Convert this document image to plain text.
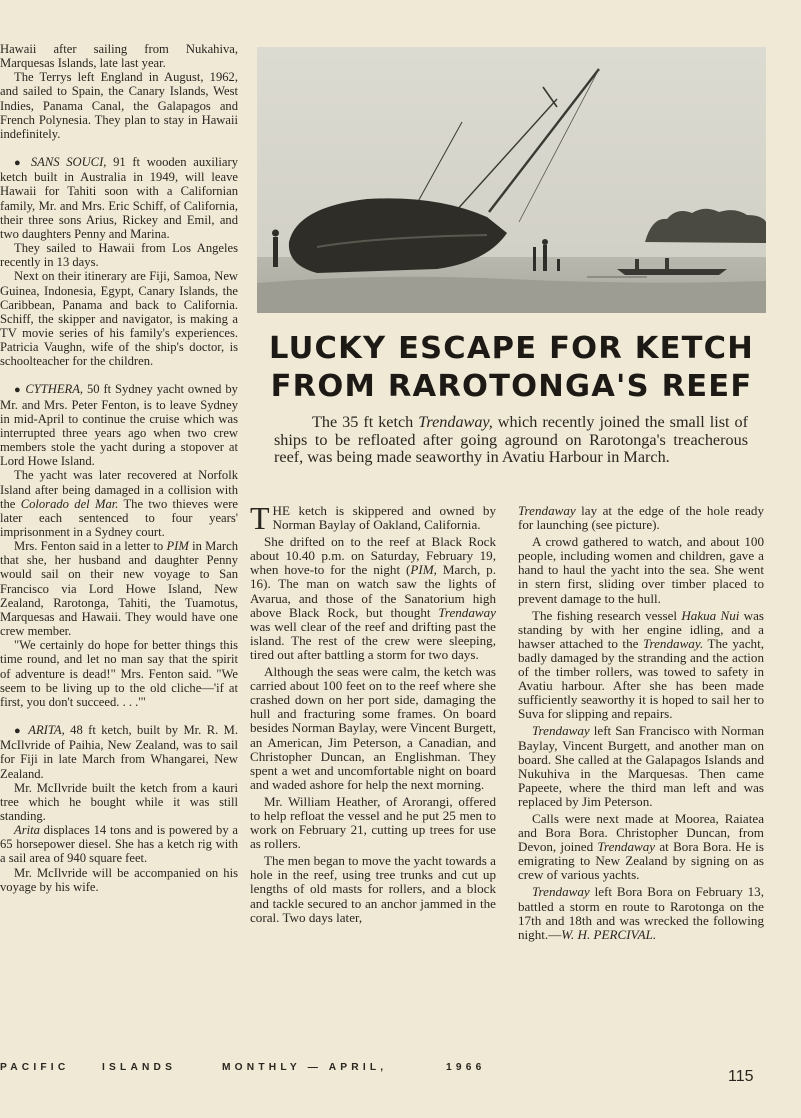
Hawaii after sailing from Nukahiva, Marquesas Islands, late last year.

The Terrys left England in August, 1962, and sailed to Spain, the Canary Islands, West Indies, Panama Canal, the Galapagos and French Polynesia. They plan to stay in Hawaii indefinitely.

● SANS SOUCI, 91 ft wooden auxiliary ketch built in Australia in 1949, will leave Hawaii for Tahiti soon with a Californian family, Mr. and Mrs. Eric Schiff, of California, their three sons Arius, Rickey and Emil, and two daughters Penny and Marina.

They sailed to Hawaii from Los Angeles recently in 13 days.

Next on their itinerary are Fiji, Samoa, New Guinea, Indonesia, Egypt, Canary Islands, the Caribbean, Panama and back to California. Schiff, the skipper and navigator, is making a TV movie series of his family's experiences. Patricia Vaughn, wife of the ship's doctor, is schoolteacher for the children.

● CYTHERA, 50 ft Sydney yacht owned by Mr. and Mrs. Peter Fenton, is to leave Sydney in mid-April to continue the cruise which was interrupted three years ago when two crew members stole the yacht during a stopover at Lord Howe Island.

The yacht was later recovered at Norfolk Island after being damaged in a collision with the Colorado del Mar. The two thieves were later each sentenced to four years' imprisonment in a Sydney court.

Mrs. Fenton said in a letter to PIM in March that she, her husband and daughter Penny would sail on their new voyage to San Francisco via Lord Howe Island, New Zealand, Rarotonga, Tahiti, the Tuamotus, Marquesas and Hawaii. They would have one crew member.

"We certainly do hope for better things this time round, and let no man say that the spirit of adventure is dead!" Mrs. Fenton said. "We seem to be living up to the old cliche—'if at first, you don't succeed. . . .'"

● ARITA, 48 ft ketch, built by Mr. R. M. McIlvride of Paihia, New Zealand, was to sail for Fiji in late March from Whangarei, New Zealand.

Mr. McIlvride built the ketch from a kauri tree which he bought while it was still standing.

Arita displaces 14 tons and is powered by a 65 horsepower diesel. She has a ketch rig with a sail area of 940 square feet.

Mr. McIlvride will be accompanied on his voyage by his wife.

LUCKY ESCAPE FOR KETCH
FROM RAROTONGA'S REEF

The 35 ft ketch Trendaway, which recently joined the small list of ships to be refloated after going aground on Rarotonga's treacherous reef, was being made seaworthy in Avatiu Harbour in March.

THE ketch is skippered and owned by Norman Baylay of Oakland, California.

She drifted on to the reef at Black Rock about 10.40 p.m. on Saturday, February 19, when hove-to for the night (PIM, March, p. 16). The man on watch saw the lights of Avarua, and those of the Sanatorium high above Black Rock, but thought Trendaway was well clear of the reef and drifting past the island. The rest of the crew were sleeping, tired out after battling a storm for two days.

Although the seas were calm, the ketch was carried about 100 feet on to the reef where she crashed down on her port side, damaging the hull and fracturing some frames. On board besides Norman Baylay, were Vincent Burgett, an American, Jim Peterson, a Canadian, and Christopher Duncan, an Englishman. They spent a wet and uncomfortable night on board and waded ashore for help the next morning.

Mr. William Heather, of Arorangi, offered to help refloat the vessel and he put 25 men to work on February 21, cutting up trees for use as rollers.

The men began to move the yacht towards a hole in the reef, using tree trunks and cut up lengths of old masts for rollers, and a block and tackle secured to an anchor jammed in the coral. Two days later,

Trendaway lay at the edge of the hole ready for launching (see picture).

A crowd gathered to watch, and about 100 people, including women and children, gave a hand to haul the yacht into the sea. She went in stern first, sliding over timber placed to prevent damage to the hull.

The fishing research vessel Hakua Nui was standing by with her engine idling, and a hawser attached to the Trendaway. The yacht, badly damaged by the stranding and the action of the timber rollers, was towed to safety in Avatiu harbour. After she has been made sufficiently seaworthy it is hoped to sail her to Suva for slipping and repairs.

Trendaway left San Francisco with Norman Baylay, Vincent Burgett, and another man on board. She called at the Galapagos Islands and Nukuhiva in the Marquesas. Then came Papeete, where the third man left and was replaced by Jim Peterson.

Calls were next made at Moorea, Raiatea and Bora Bora. Christopher Duncan, from Devon, joined Trendaway at Bora Bora. He is emigrating to New Zealand by signing on as crew of various yachts.

Trendaway left Bora Bora on February 13, battled a storm en route to Rarotonga on the 17th and 18th and was wrecked the following night.—W. H. PERCIVAL.

PACIFIC	ISLANDS	MONTHLY — APRIL,	1966
115
